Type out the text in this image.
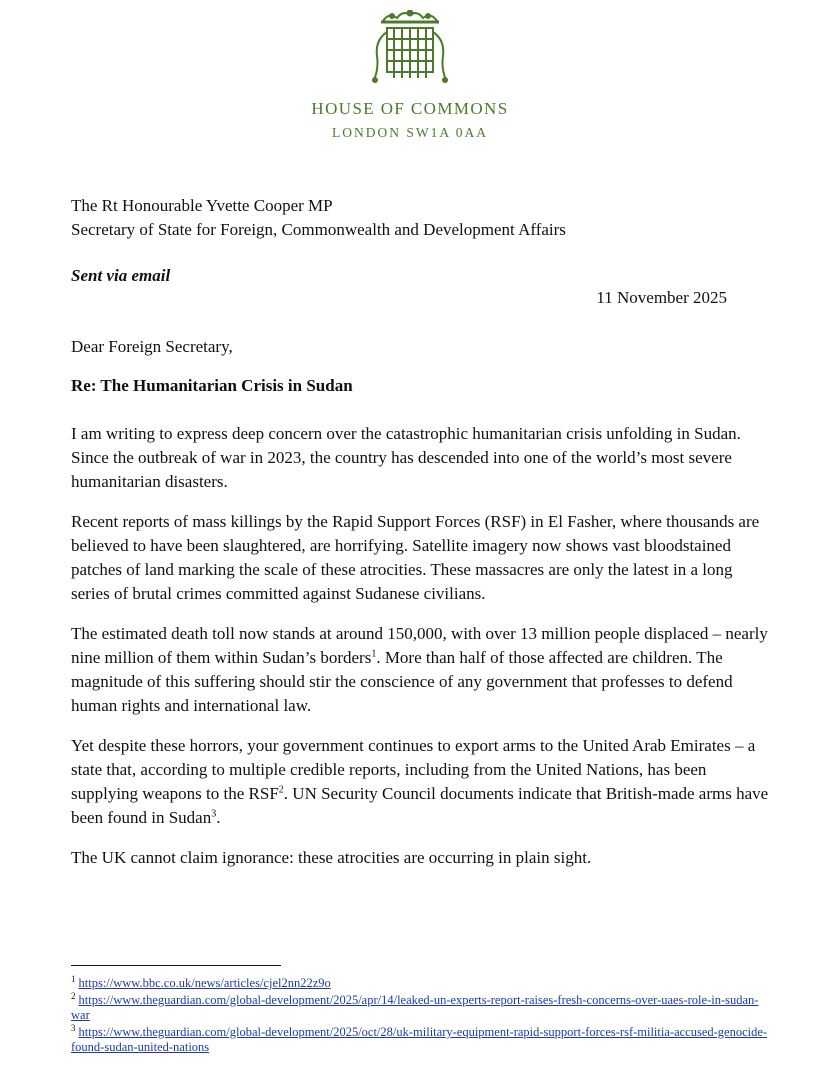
HOUSE OF COMMONS
LONDON SW1A 0AA
The Rt Honourable Yvette Cooper MP
Secretary of State for Foreign, Commonwealth and Development Affairs
Sent via email
11 November 2025
Dear Foreign Secretary,
Re: The Humanitarian Crisis in Sudan
I am writing to express deep concern over the catastrophic humanitarian crisis unfolding in Sudan. Since the outbreak of war in 2023, the country has descended into one of the world’s most severe humanitarian disasters.
Recent reports of mass killings by the Rapid Support Forces (RSF) in El Fasher, where thousands are believed to have been slaughtered, are horrifying. Satellite imagery now shows vast bloodstained patches of land marking the scale of these atrocities. These massacres are only the latest in a long series of brutal crimes committed against Sudanese civilians.
The estimated death toll now stands at around 150,000, with over 13 million people displaced – nearly nine million of them within Sudan’s borders$^1$. More than half of those affected are children. The magnitude of this suffering should stir the conscience of any government that professes to defend human rights and international law.
Yet despite these horrors, your government continues to export arms to the United Arab Emirates – a state that, according to multiple credible reports, including from the United Nations, has been supplying weapons to the RSF$^2$. UN Security Council documents indicate that British-made arms have been found in Sudan$^3$.
The UK cannot claim ignorance: these atrocities are occurring in plain sight.
$^1$ https://www.bbc.co.uk/news/articles/cjel2nn22z9o
$^2$ https://www.theguardian.com/global-development/2025/apr/14/leaked-un-experts-report-raises-fresh-concerns-over-uaes-role-in-sudan-war
$^3$ https://www.theguardian.com/global-development/2025/oct/28/uk-military-equipment-rapid-support-forces-rsf-militia-accused-genocide-found-sudan-united-nations
